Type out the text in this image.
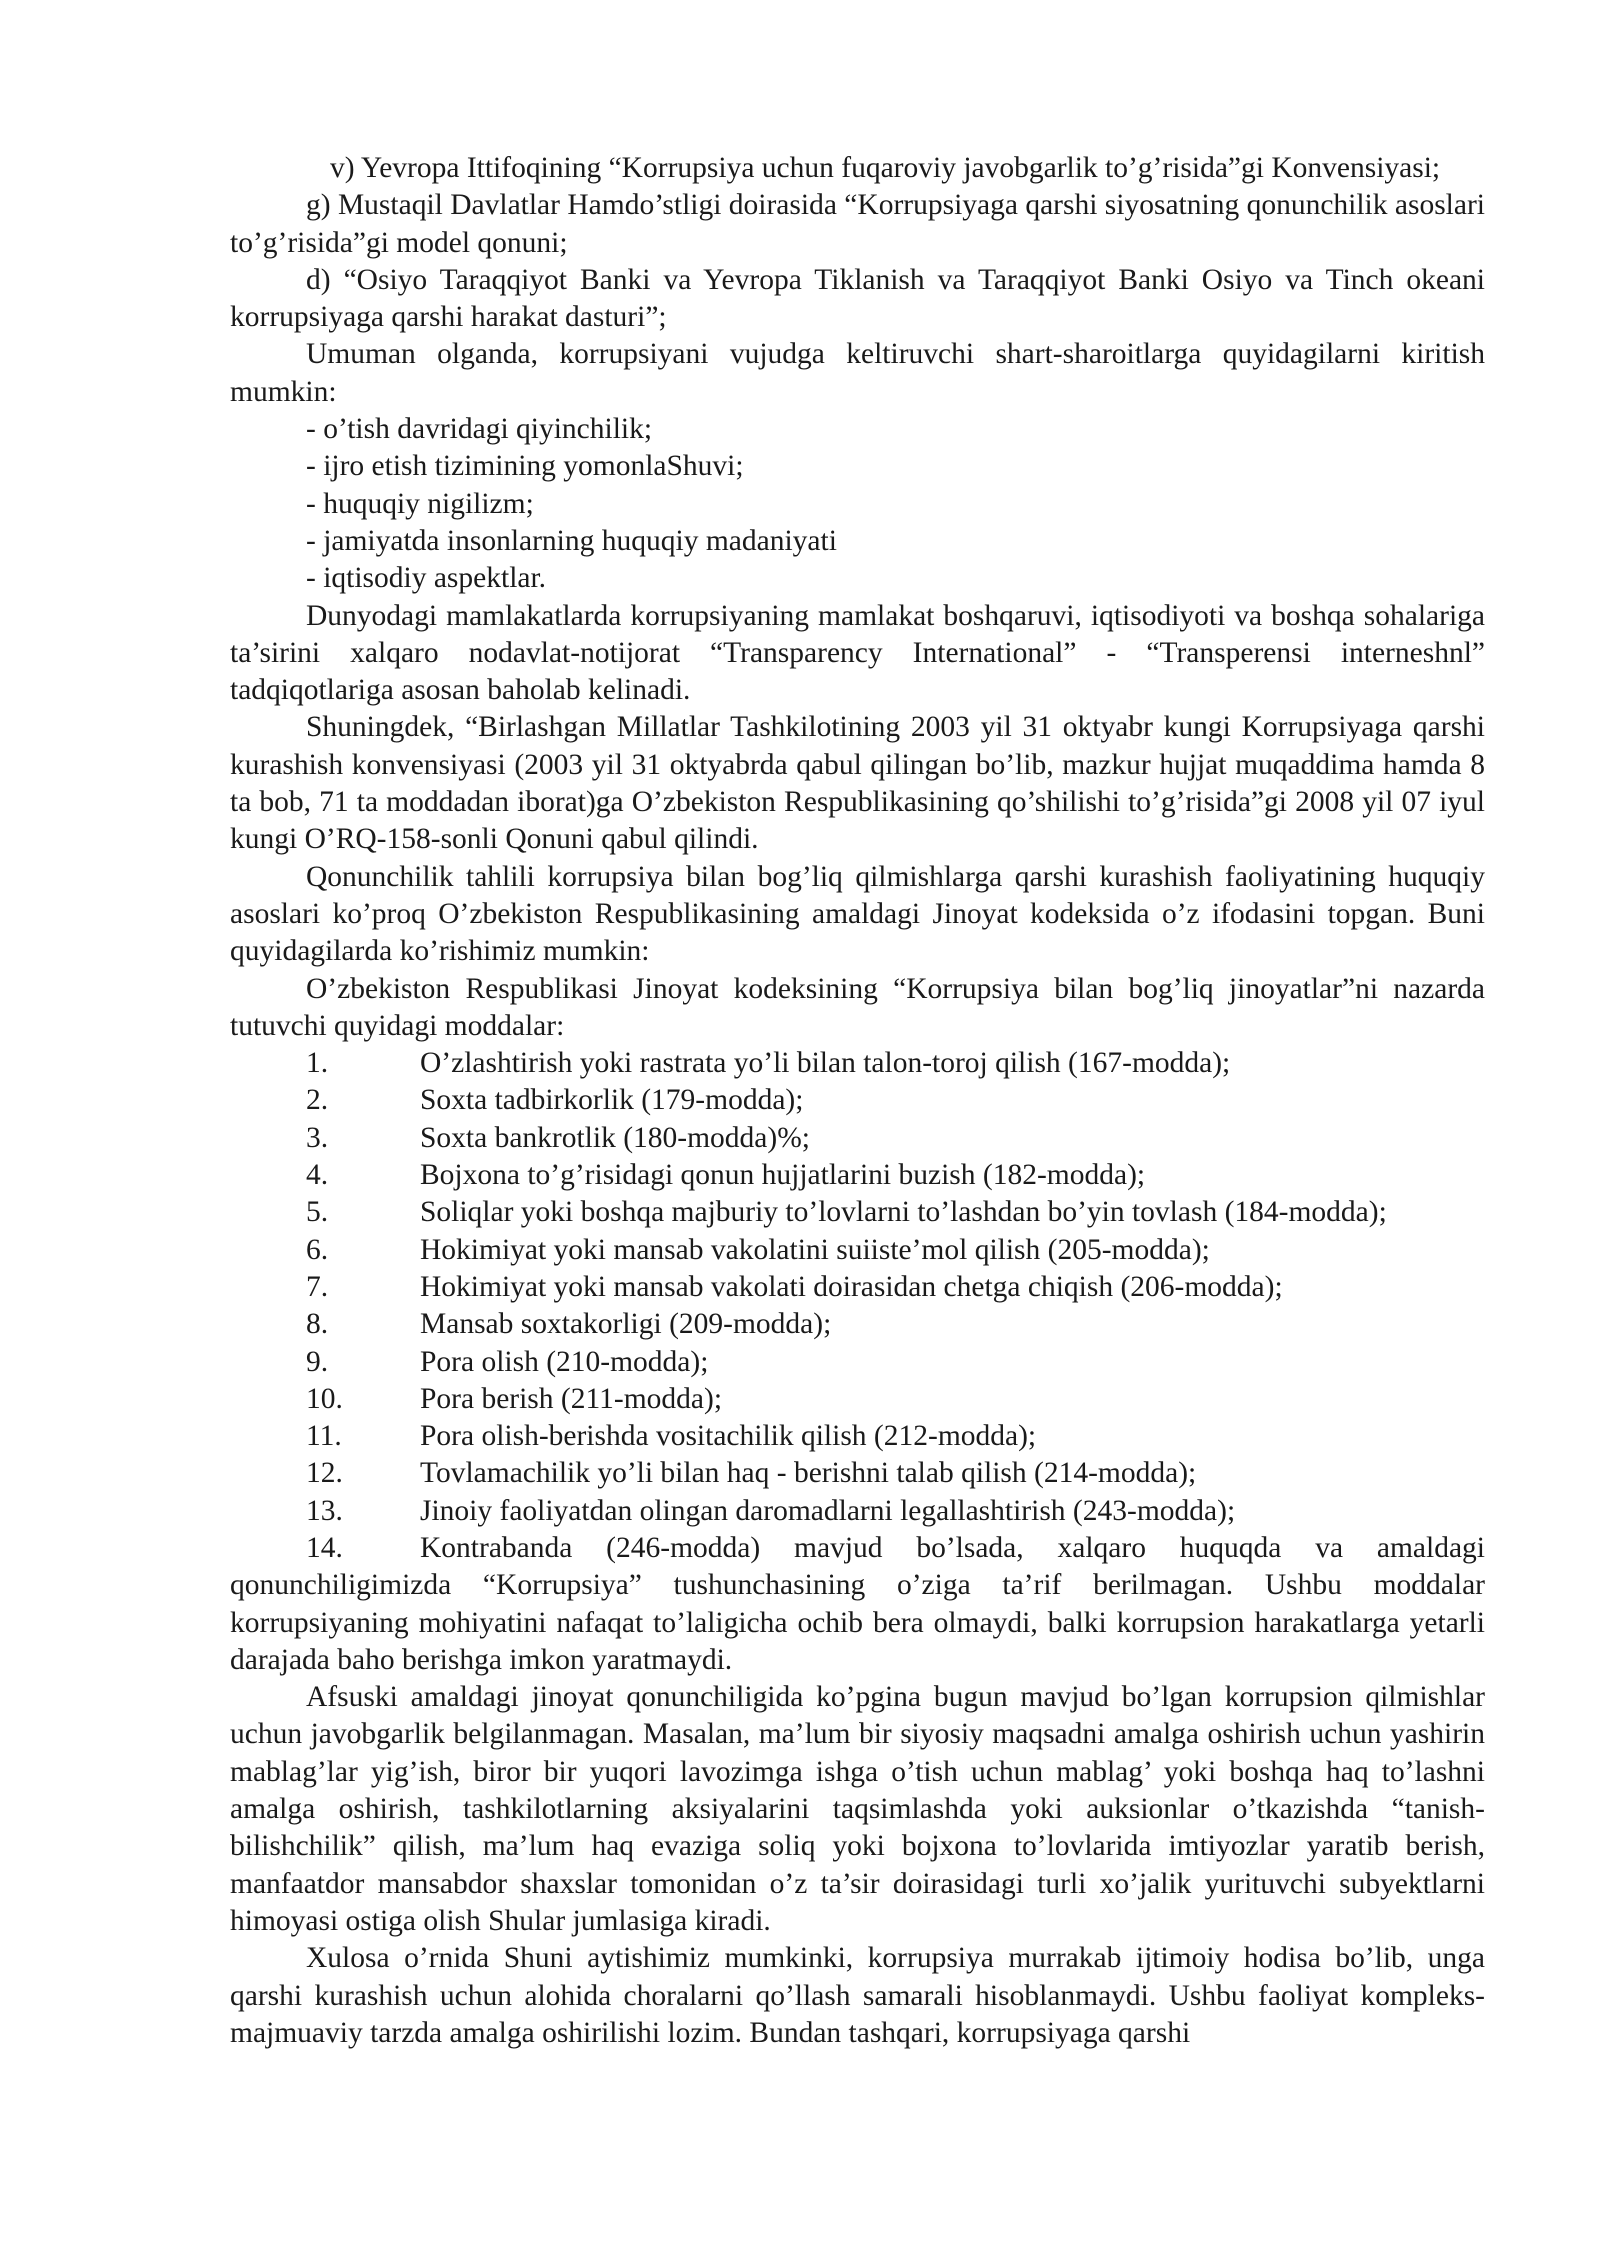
v) Yevropa Ittifoqining “Korrupsiya uchun fuqaroviy javobgarlik to’g’risida”gi Konvensiyasi;

g) Mustaqil Davlatlar Hamdo’stligi doirasida “Korrupsiyaga qarshi siyosatning qonunchilik asoslari to’g’risida”gi model qonuni;

d) “Osiyo Taraqqiyot Banki va Yevropa Tiklanish va Taraqqiyot Banki Osiyo va Tinch okeani korrupsiyaga qarshi harakat dasturi”;

Umuman olganda, korrupsiyani vujudga keltiruvchi shart-sharoitlarga quyidagilarni kiritish mumkin:

- o’tish davridagi qiyinchilik;

- ijro etish tizimining yomonlaShuvi;

- huquqiy nigilizm;

- jamiyatda insonlarning huquqiy madaniyati

- iqtisodiy aspektlar.

Dunyodagi mamlakatlarda korrupsiyaning mamlakat boshqaruvi, iqtisodiyoti va boshqa sohalariga ta’sirini xalqaro nodavlat-notijorat “Transparency International” - “Transperensi interneshnl” tadqiqotlariga asosan baholab kelinadi.

Shuningdek, “Birlashgan Millatlar Tashkilotining 2003 yil 31 oktyabr kungi Korrupsiyaga qarshi kurashish konvensiyasi (2003 yil 31 oktyabrda qabul qilingan bo’lib, mazkur hujjat muqaddima hamda 8 ta bob, 71 ta moddadan iborat)ga O’zbekiston Respublikasining qo’shilishi to’g’risida”gi 2008 yil 07 iyul kungi O’RQ-158-sonli Qonuni qabul qilindi.

Qonunchilik tahlili korrupsiya bilan bog’liq qilmishlarga qarshi kurashish faoliyatining huquqiy asoslari ko’proq O’zbekiston Respublikasining amaldagi Jinoyat kodeksida o’z ifodasini topgan. Buni quyidagilarda ko’rishimiz mumkin:

O’zbekiston Respublikasi Jinoyat kodeksining “Korrupsiya bilan bog’liq jinoyatlar”ni nazarda tutuvchi quyidagi moddalar:

1.	O’zlashtirish yoki rastrata yo’li bilan talon-toroj qilish (167-modda);

2.	Soxta tadbirkorlik (179-modda);

3.	Soxta bankrotlik (180-modda)%;

4.	Bojxona to’g’risidagi qonun hujjatlarini buzish (182-modda);

5.	Soliqlar yoki boshqa majburiy to’lovlarni to’lashdan bo’yin tovlash (184-modda);

6.	Hokimiyat yoki mansab vakolatini suiiste’mol qilish (205-modda);

7.	Hokimiyat yoki mansab vakolati doirasidan chetga chiqish (206-modda);

8.	Mansab soxtakorligi (209-modda);

9.	Pora olish (210-modda);

10.	Pora berish (211-modda);

11.	Pora olish-berishda vositachilik qilish (212-modda);

12.	Tovlamachilik yo’li bilan haq - berishni talab qilish (214-modda);

13.	Jinoiy faoliyatdan olingan daromadlarni legallashtirish (243-modda);

14.	Kontrabanda (246-modda) mavjud bo’lsada, xalqaro huquqda va amaldagi qonunchiligimizda “Korrupsiya” tushunchasining o’ziga ta’rif berilmagan. Ushbu moddalar korrupsiyaning mohiyatini nafaqat to’laligicha ochib bera olmaydi, balki korrupsion harakatlarga yetarli darajada baho berishga imkon yaratmaydi.

Afsuski amaldagi jinoyat qonunchiligida ko’pgina bugun mavjud bo’lgan korrupsion qilmishlar uchun javobgarlik belgilanmagan. Masalan, ma’lum bir siyosiy maqsadni amalga oshirish uchun yashirin mablag’lar yig’ish, biror bir yuqori lavozimga ishga o’tish uchun mablag’ yoki boshqa haq to’lashni amalga oshirish, tashkilotlarning aksiyalarini taqsimlashda yoki auksionlar o’tkazishda “tanish-bilishchilik” qilish, ma’lum haq evaziga soliq yoki bojxona to’lovlarida imtiyozlar yaratib berish, manfaatdor mansabdor shaxslar tomonidan o’z ta’sir doirasidagi turli xo’jalik yurituvchi subyektlarni himoyasi ostiga olish Shular jumlasiga kiradi.

Xulosa o’rnida Shuni aytishimiz mumkinki, korrupsiya murrakab ijtimoiy hodisa bo’lib, unga qarshi kurashish uchun alohida choralarni qo’llash samarali hisoblanmaydi. Ushbu faoliyat kompleks-majmuaviy tarzda amalga oshirilishi lozim. Bundan tashqari, korrupsiyaga qarshi
